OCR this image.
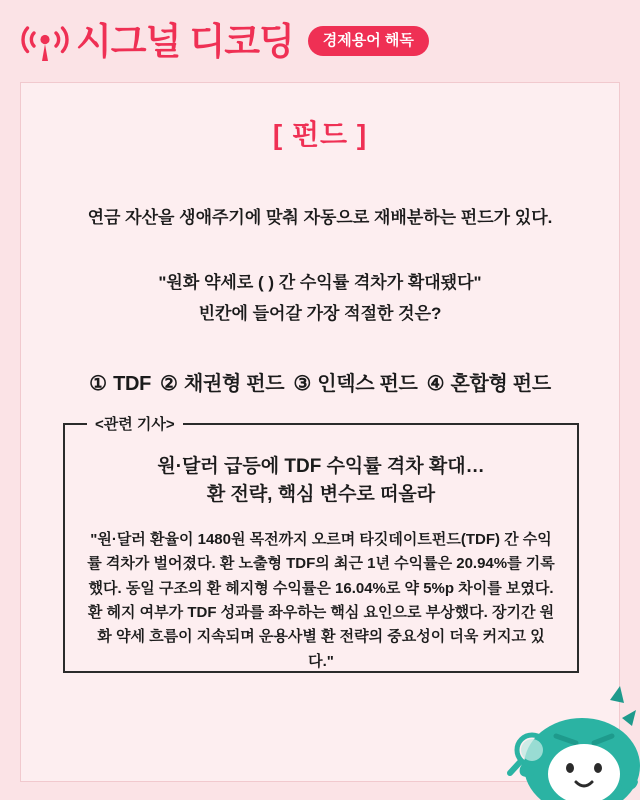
시그널 디코딩	경제용어 해독
[ 펀드 ]
연금 자산을 생애주기에 맞춰 자동으로 재배분하는 펀드가 있다.
"원화 약세로 ( ) 간 수익률 격차가 확대됐다"
빈칸에 들어갈 가장 적절한 것은?
① TDF ② 채권형 펀드 ③ 인덱스 펀드 ④ 혼합형 펀드
<관련 기사>
원·달러 급등에 TDF 수익률 격차 확대…
환 전략, 핵심 변수로 떠올라
"원·달러 환율이 1480원 목전까지 오르며 타깃데이트펀드(TDF) 간 수익률 격차가 벌어졌다. 환 노출형 TDF의 최근 1년 수익률은 20.94%를 기록했다. 동일 구조의 환 헤지형 수익률은 16.04%로 약 5%p 차이를 보였다. 환 헤지 여부가 TDF 성과를 좌우하는 핵심 요인으로 부상했다. 장기간 원화 약세 흐름이 지속되며 운용사별 환 전략의 중요성이 더욱 커지고 있다."
